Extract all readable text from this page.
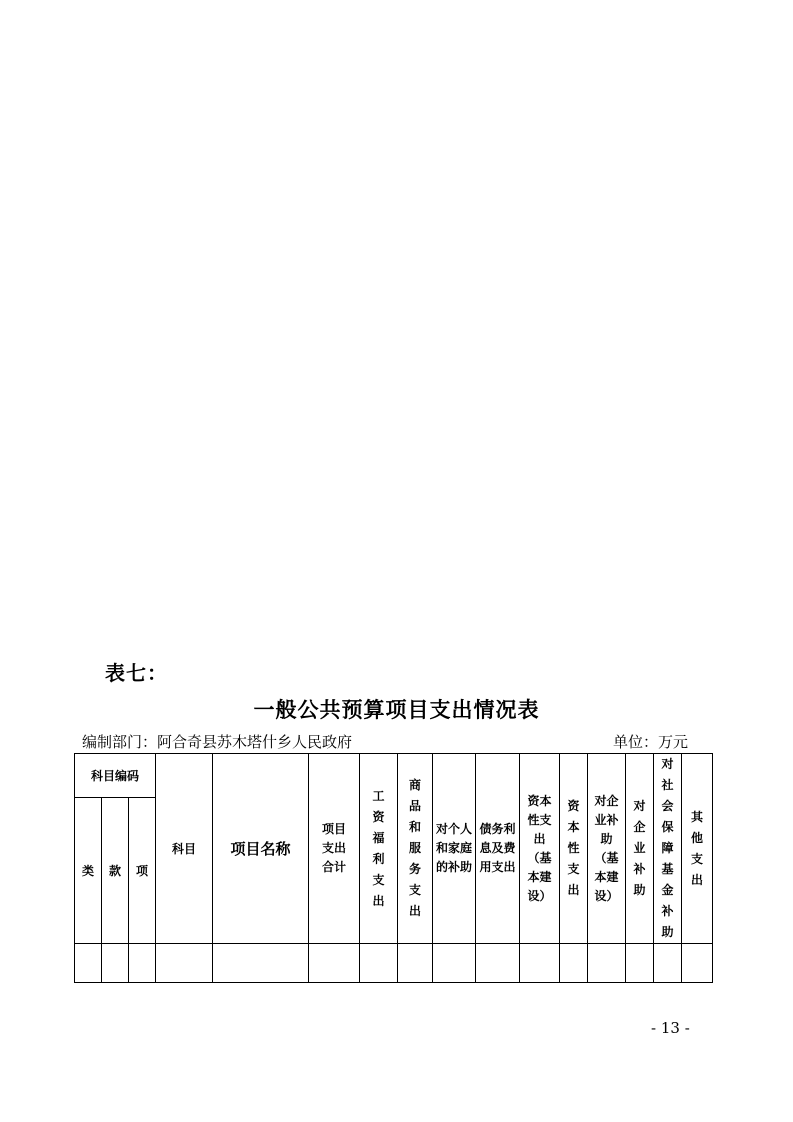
表七：
一般公共预算项目支出情况表
编制部门：阿合奇县苏木塔什乡人民政府	单位：万元
科目编码			科目	项目名称	项目支出合计	工资福利支出	商品和服务支出	对个人和家庭的补助	债务利息及费用支出	资本性支出（基本建设）	资本性支出	对企业补助（基本建设）	对企业补助	对社会保障基金补助	其他支出
类	款	项													

- 13 -
